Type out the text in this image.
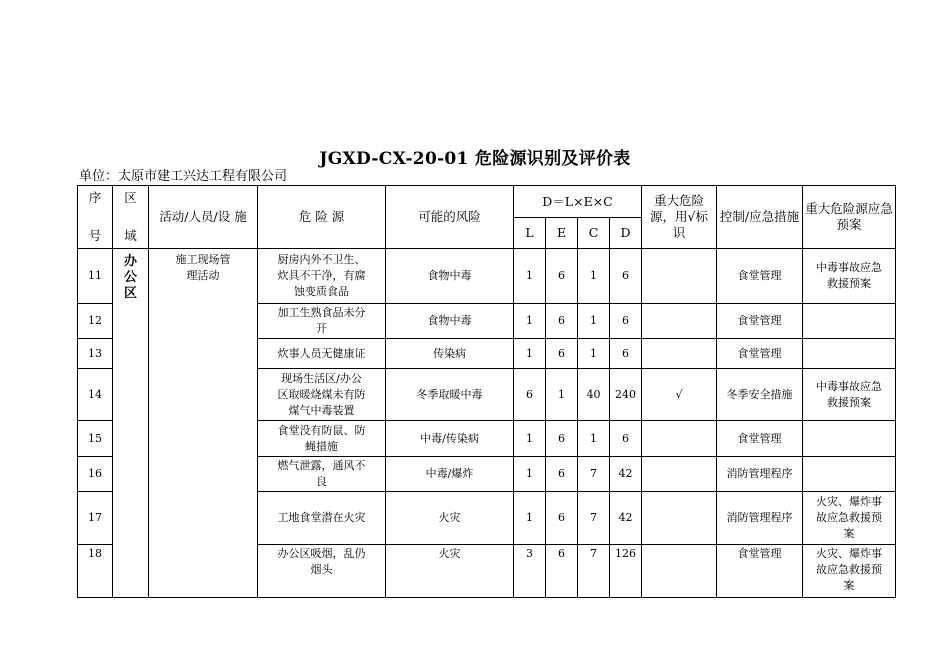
JGXD-CX-20-01 危险源识别及评价表
单位：太原市建工兴达工程有限公司
序
号	区
域	活动/人员/设 施	危 险 源	可能的风险	D＝L×E×C				重大危险源，用√标识	控制/应急措施	重大危险源应急预案
					L	E	C	D			
11	办公区	施工现场管理活动	厨房内外不卫生、炊具不干净，有腐蚀变质食品	食物中毒	1	6	1	6		食堂管理	中毒事故应急救援预案

12			加工生熟食品未分开	食物中毒	1	6	1	6		食堂管理	

13			炊事人员无健康证	传染病	1	6	1	6		食堂管理	

14			现场生活区/办公区取暖烧煤未有防煤气中毒装置	冬季取暖中毒	6	1	40	240	√	冬季安全措施	中毒事故应急救援预案

15			食堂没有防鼠、防蝇措施	中毒/传染病	1	6	1	6		食堂管理	

16			燃气泄露，通风不良	中毒/爆炸	1	6	7	42		消防管理程序	

17			工地食堂潜在火灾	火灾	1	6	7	42		消防管理程序	火灾、爆炸事故应急救援预案

18			办公区吸烟，乱仍烟头	火灾	3	6	7	126		食堂管理	火灾、爆炸事故应急救援预案
